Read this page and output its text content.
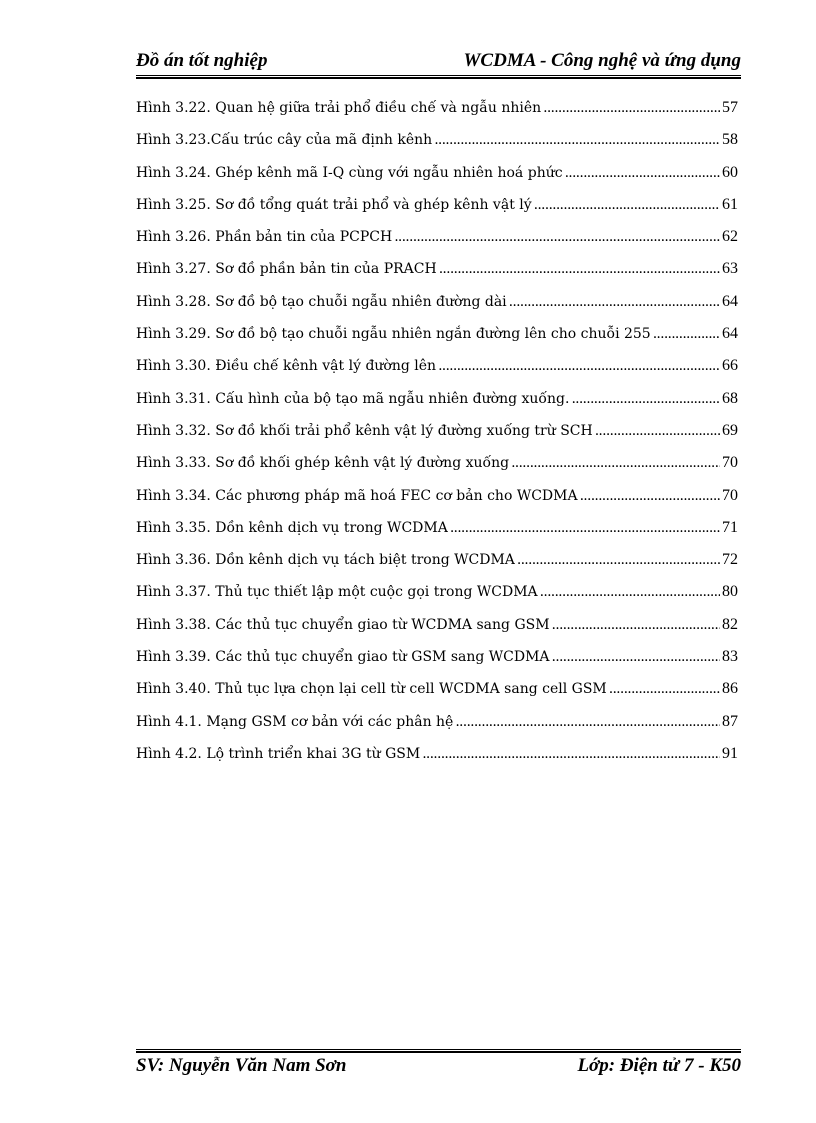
Đồ án tốt nghiệp	WCDMA - Công nghệ và ứng dụng
Hình 3.22. Quan hệ giữa trải phổ điều chế và ngẫu nhiên . . .	57
Hình 3.23.Cấu trúc cây của mã định kênh . . .	58
Hình 3.24. Ghép kênh mã I-Q cùng với ngẫu nhiên hoá phức . . .	60
Hình 3.25. Sơ đồ tổng quát trải phổ và ghép kênh vật lý . . .	61
Hình 3.26. Phần bản tin của PCPCH . . .	62
Hình 3.27. Sơ đồ phần bản tin của PRACH . . .	63
Hình 3.28. Sơ đồ bộ tạo chuỗi ngẫu nhiên đường dài . . .	64
Hình 3.29. Sơ đồ bộ tạo chuỗi ngẫu nhiên ngắn đường lên cho chuỗi 255 . . .	64
Hình 3.30. Điều chế kênh vật lý đường lên . . .	66
Hình 3.31. Cấu hình của bộ tạo mã ngẫu nhiên đường xuống. . . .	68
Hình 3.32. Sơ đồ khối trải phổ kênh vật lý đường xuống trừ SCH . . .	69
Hình 3.33. Sơ đồ khối ghép kênh vật lý đường xuống . . .	70
Hình 3.34. Các phương pháp mã hoá FEC cơ bản cho WCDMA . . .	70
Hình 3.35. Dồn kênh dịch vụ trong WCDMA . . .	71
Hình 3.36. Dồn kênh dịch vụ tách biệt trong WCDMA . . .	72
Hình 3.37. Thủ tục thiết lập một cuộc gọi trong WCDMA . . .	80
Hình 3.38. Các thủ tục chuyển giao từ WCDMA sang GSM . . .	82
Hình 3.39. Các thủ tục chuyển giao từ GSM sang WCDMA . . .	83
Hình 3.40. Thủ tục lựa chọn lại cell từ cell WCDMA sang cell GSM . . .	86
Hình 4.1. Mạng GSM cơ bản với các phân hệ . . .	87
Hình 4.2. Lộ trình triển khai 3G từ GSM . . .	91
SV: Nguyễn Văn Nam Sơn	Lớp: Điện tử 7 - K50
